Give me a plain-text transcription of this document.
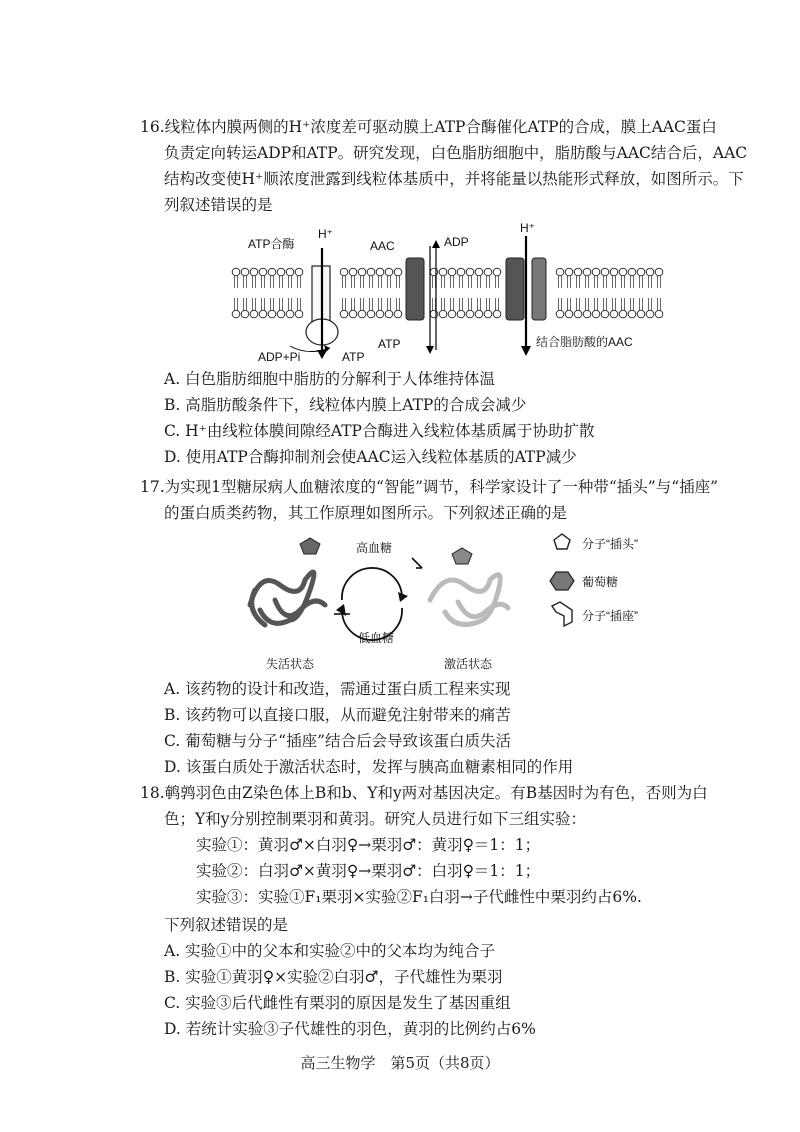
16.线粒体内膜两侧的H⁺浓度差可驱动膜上ATP合酶催化ATP的合成，膜上AAC蛋白
负责定向转运ADP和ATP。研究发现，白色脂肪细胞中，脂肪酸与AAC结合后，AAC
结构改变使H⁺顺浓度泄露到线粒体基质中，并将能量以热能形式释放，如图所示。下
列叙述错误的是
ATP合酶
H⁺
AAC	ADP
H⁺
ADP+Pi	ATP
ATP	结合脂肪酸的AAC
A. 白色脂肪细胞中脂肪的分解利于人体维持体温
B. 高脂肪酸条件下，线粒体内膜上ATP的合成会减少
C. H⁺由线粒体膜间隙经ATP合酶进入线粒体基质属于协助扩散
D. 使用ATP合酶抑制剂会使AAC运入线粒体基质的ATP减少
17.为实现1型糖尿病人血糖浓度的“智能”调节，科学家设计了一种带“插头”与“插座”
的蛋白质类药物，其工作原理如图所示。下列叙述正确的是
高血糖
低血糖
失活状态	激活状态
分子“插头”
葡萄糖
分子“插座”
A. 该药物的设计和改造，需通过蛋白质工程来实现
B. 该药物可以直接口服，从而避免注射带来的痛苦
C. 葡萄糖与分子“插座”结合后会导致该蛋白质失活
D. 该蛋白质处于激活状态时，发挥与胰高血糖素相同的作用
18.鹌鹑羽色由Z染色体上B和b、Y和y两对基因决定。有B基因时为有色，否则为白
色；Y和y分别控制栗羽和黄羽。研究人员进行如下三组实验：
实验①：黄羽♂×白羽♀→栗羽♂：黄羽♀＝1：1；
实验②：白羽♂×黄羽♀→栗羽♂：白羽♀＝1：1；
实验③：实验①F₁栗羽×实验②F₁白羽→子代雌性中栗羽约占6%.
下列叙述错误的是
A. 实验①中的父本和实验②中的父本均为纯合子
B. 实验①黄羽♀×实验②白羽♂，子代雄性为栗羽
C. 实验③后代雌性有栗羽的原因是发生了基因重组
D. 若统计实验③子代雄性的羽色，黄羽的比例约占6%
高三生物学　第5页（共8页）
